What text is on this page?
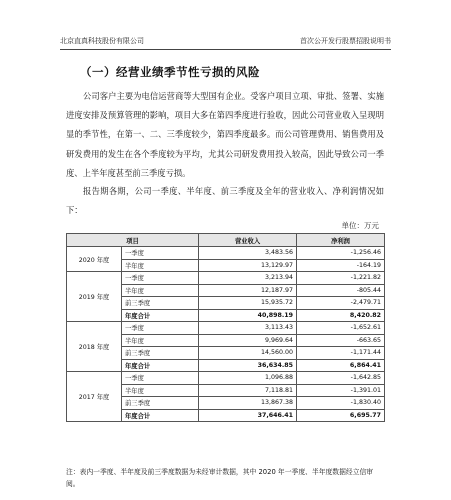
北京直真科技股份有限公司	首次公开发行股票招股说明书
（一）经营业绩季节性亏损的风险

公司客户主要为电信运营商等大型国有企业。受客户项目立项、审批、签署、实施进度安排及预算管理的影响，项目大多在第四季度进行验收，因此公司营业收入呈现明显的季节性，在第一、二、三季度较少，第四季度最多。而公司管理费用、销售费用及研发费用的发生在各个季度较为平均，尤其公司研发费用投入较高，因此导致公司一季度、上半年度甚至前三季度亏损。

报告期各期，公司一季度、半年度、前三季度及全年的营业收入、净利润情况如下：

单位：万元
项目		营业收入	净利润
2020 年度	一季度	3,483.56	-1,256.46
	半年度	13,129.97	-164.19
2019 年度	一季度	3,213.94	-1,221.82
	半年度	12,187.97	-805.44
	前三季度	15,935.72	-2,479.71
	年度合计	40,898.19	8,420.82
2018 年度	一季度	3,113.43	-1,652.61
	半年度	9,969.64	-663.65
	前三季度	14,560.00	-1,171.44
	年度合计	36,634.85	6,864.41
2017 年度	一季度	1,096.88	-1,642.85
	半年度	7,118.81	-1,391.01
	前三季度	13,867.38	-1,830.40
	年度合计	37,646.41	6,695.77

注：表内一季度、半年度及前三季度数据为未经审计数据，其中 2020 年一季度、半年度数据经立信审阅。
